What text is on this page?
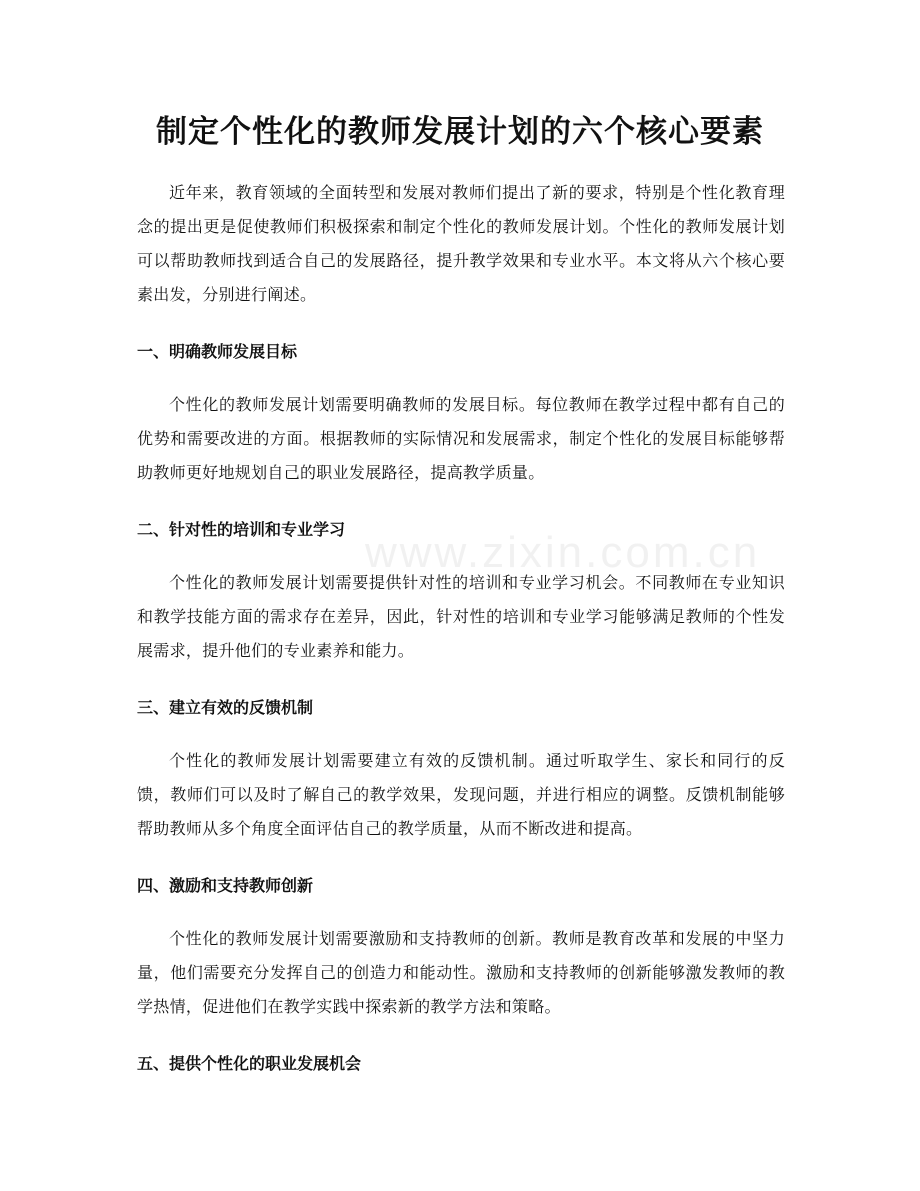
www.zixin.com.cn
制定个性化的教师发展计划的六个核心要素

近年来，教育领域的全面转型和发展对教师们提出了新的要求，特别是个性化教育理念的提出更是促使教师们积极探索和制定个性化的教师发展计划。个性化的教师发展计划可以帮助教师找到适合自己的发展路径，提升教学效果和专业水平。本文将从六个核心要素出发，分别进行阐述。

一、明确教师发展目标

个性化的教师发展计划需要明确教师的发展目标。每位教师在教学过程中都有自己的优势和需要改进的方面。根据教师的实际情况和发展需求，制定个性化的发展目标能够帮助教师更好地规划自己的职业发展路径，提高教学质量。

二、针对性的培训和专业学习

个性化的教师发展计划需要提供针对性的培训和专业学习机会。不同教师在专业知识和教学技能方面的需求存在差异，因此，针对性的培训和专业学习能够满足教师的个性发展需求，提升他们的专业素养和能力。

三、建立有效的反馈机制

个性化的教师发展计划需要建立有效的反馈机制。通过听取学生、家长和同行的反馈，教师们可以及时了解自己的教学效果，发现问题，并进行相应的调整。反馈机制能够帮助教师从多个角度全面评估自己的教学质量，从而不断改进和提高。

四、激励和支持教师创新

个性化的教师发展计划需要激励和支持教师的创新。教师是教育改革和发展的中坚力量，他们需要充分发挥自己的创造力和能动性。激励和支持教师的创新能够激发教师的教学热情，促进他们在教学实践中探索新的教学方法和策略。

五、提供个性化的职业发展机会
